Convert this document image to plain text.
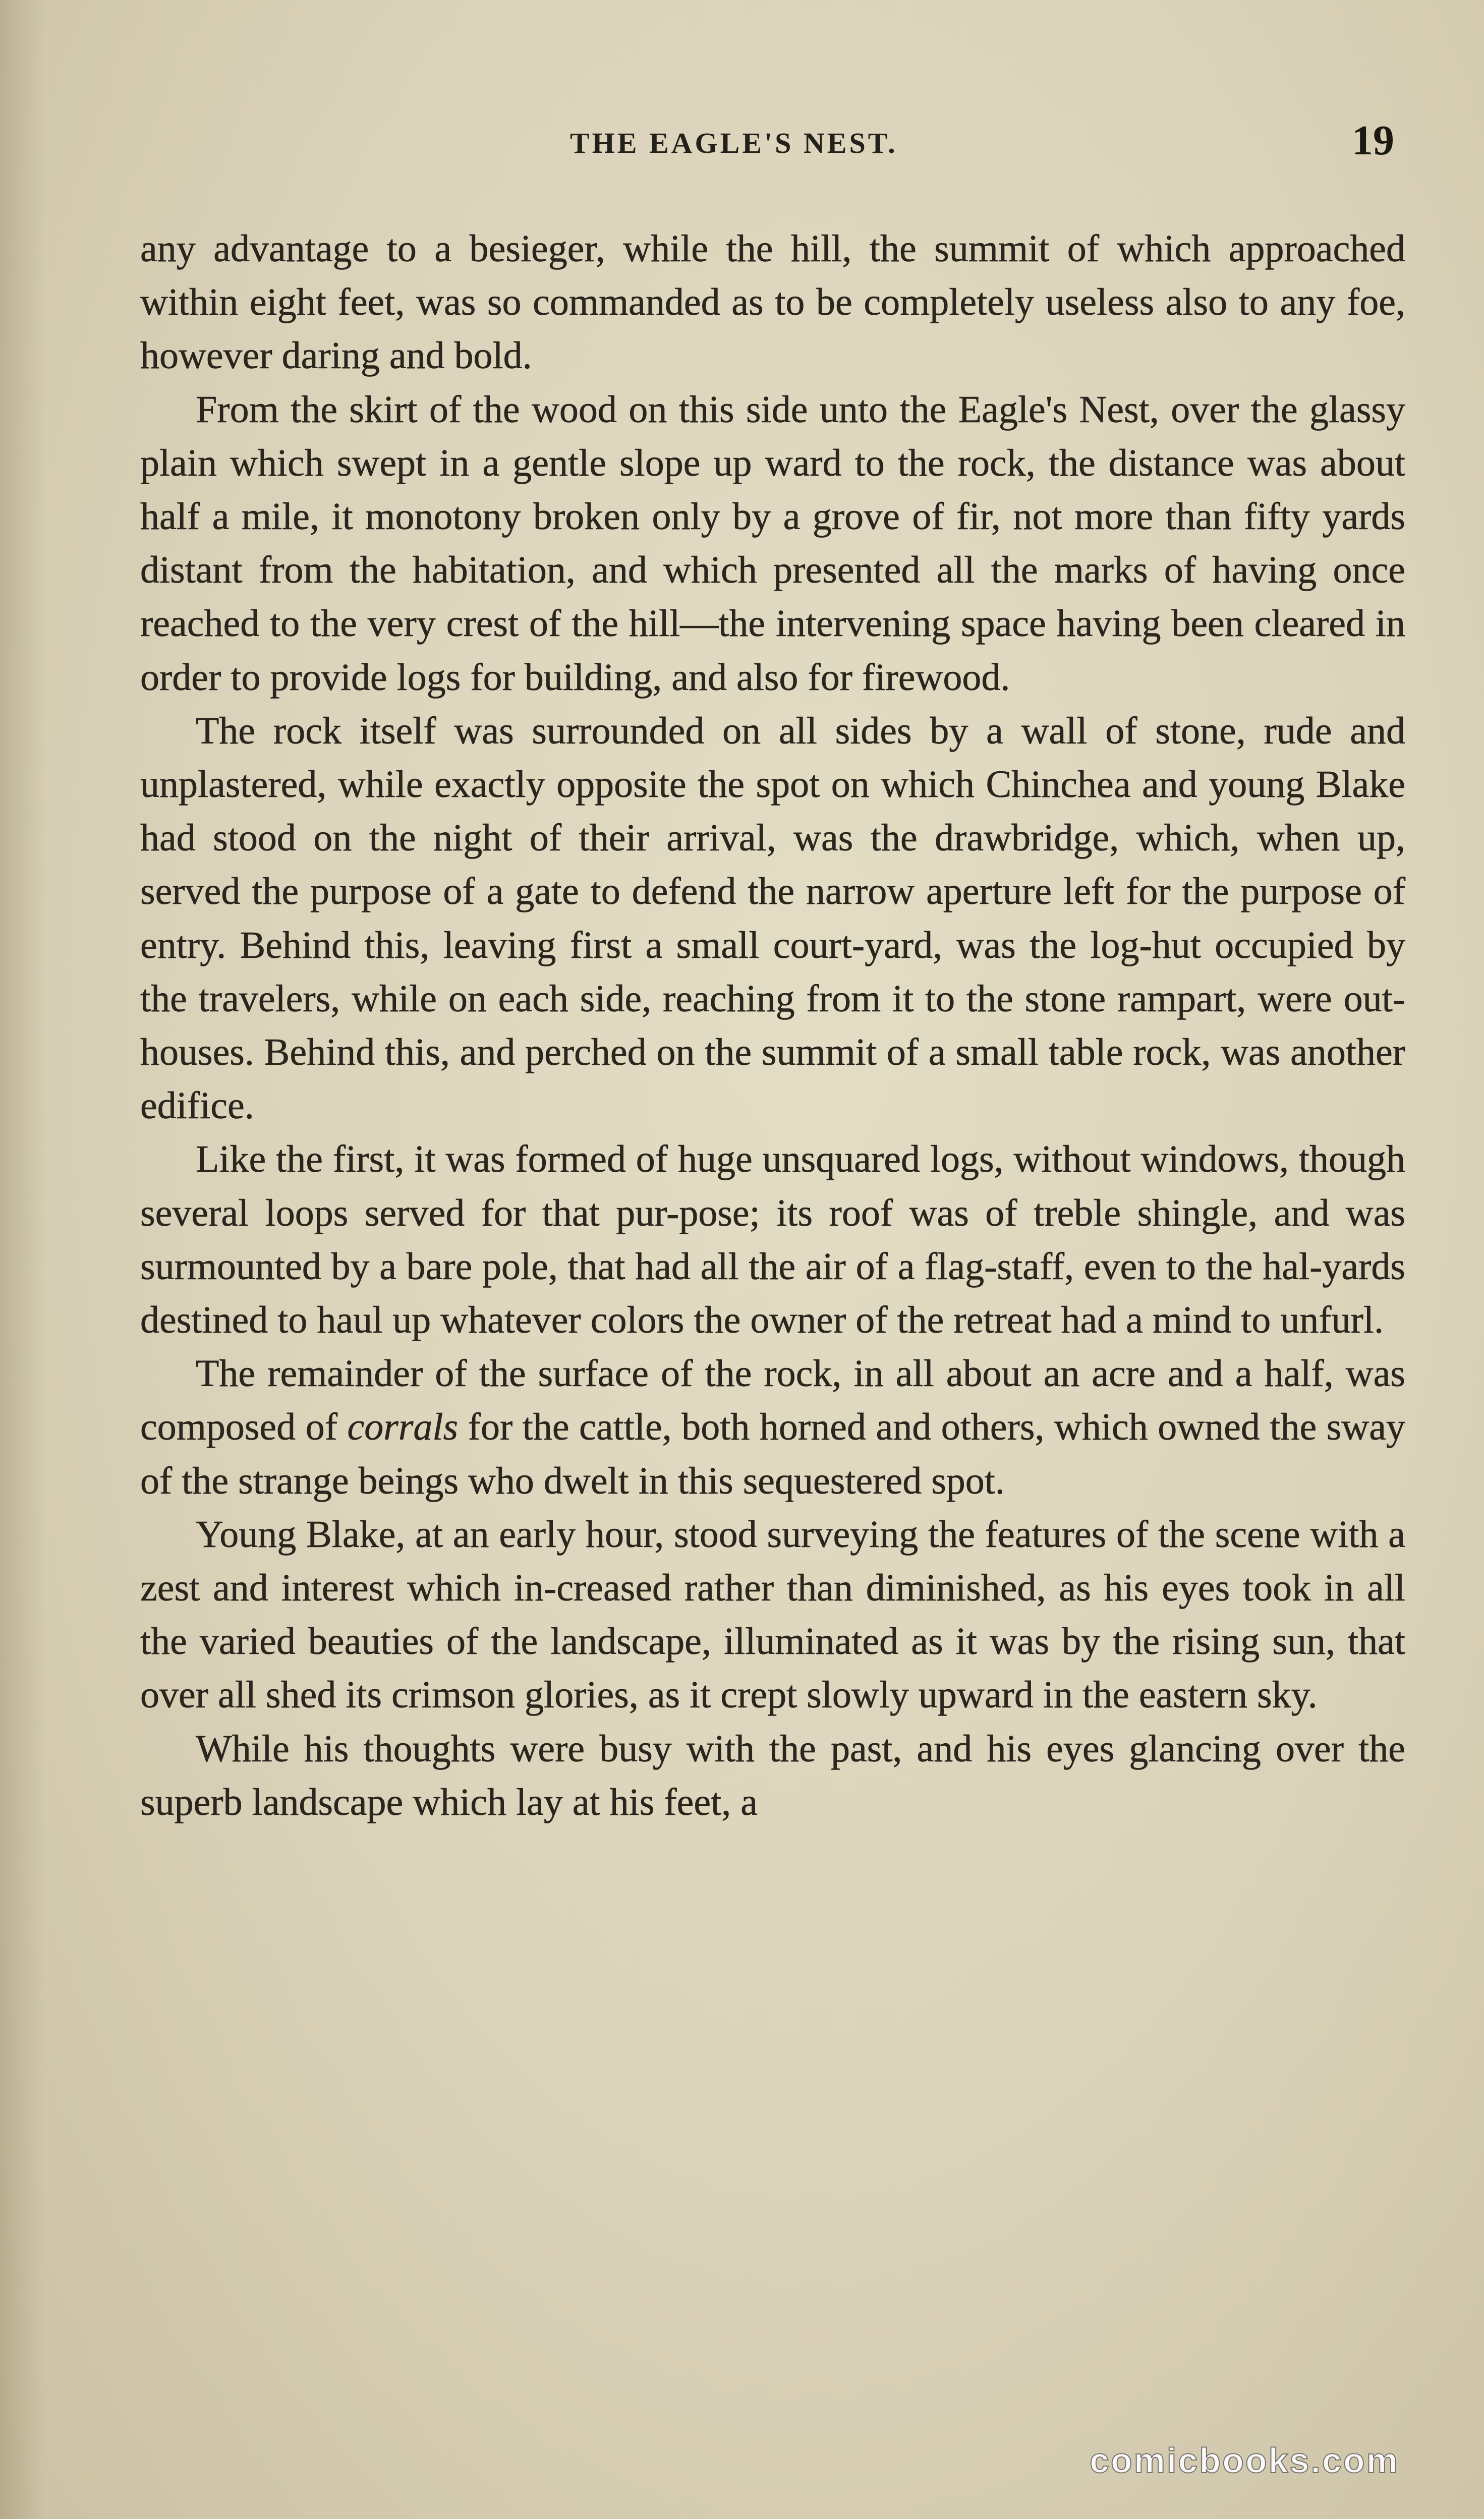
THE EAGLE'S NEST.	19

any advantage to a besieger, while the hill, the summit of which approached within eight feet, was so commanded as to be completely useless also to any foe, however daring and bold.

From the skirt of the wood on this side unto the Eagle's Nest, over the glassy plain which swept in a gentle slope up ward to the rock, the distance was about half a mile, it monotony broken only by a grove of fir, not more than fifty yards distant from the habitation, and which presented all the marks of having once reached to the very crest of the hill—the intervening space having been cleared in order to provide logs for building, and also for firewood.

The rock itself was surrounded on all sides by a wall of stone, rude and unplastered, while exactly opposite the spot on which Chinchea and young Blake had stood on the night of their arrival, was the drawbridge, which, when up, served the purpose of a gate to defend the narrow aperture left for the purpose of entry. Behind this, leaving first a small court-yard, was the log-hut occupied by the travelers, while on each side, reaching from it to the stone rampart, were out-houses. Behind this, and perched on the summit of a small table rock, was another edifice.

Like the first, it was formed of huge unsquared logs, without windows, though several loops served for that pur-pose; its roof was of treble shingle, and was surmounted by a bare pole, that had all the air of a flag-staff, even to the hal-yards destined to haul up whatever colors the owner of the retreat had a mind to unfurl.

The remainder of the surface of the rock, in all about an acre and a half, was composed of corrals for the cattle, both horned and others, which owned the sway of the strange beings who dwelt in this sequestered spot.

Young Blake, at an early hour, stood surveying the features of the scene with a zest and interest which in-creased rather than diminished, as his eyes took in all the varied beauties of the landscape, illuminated as it was by the rising sun, that over all shed its crimson glories, as it crept slowly upward in the eastern sky.

While his thoughts were busy with the past, and his eyes glancing over the superb landscape which lay at his feet, a

comicbooks.com
